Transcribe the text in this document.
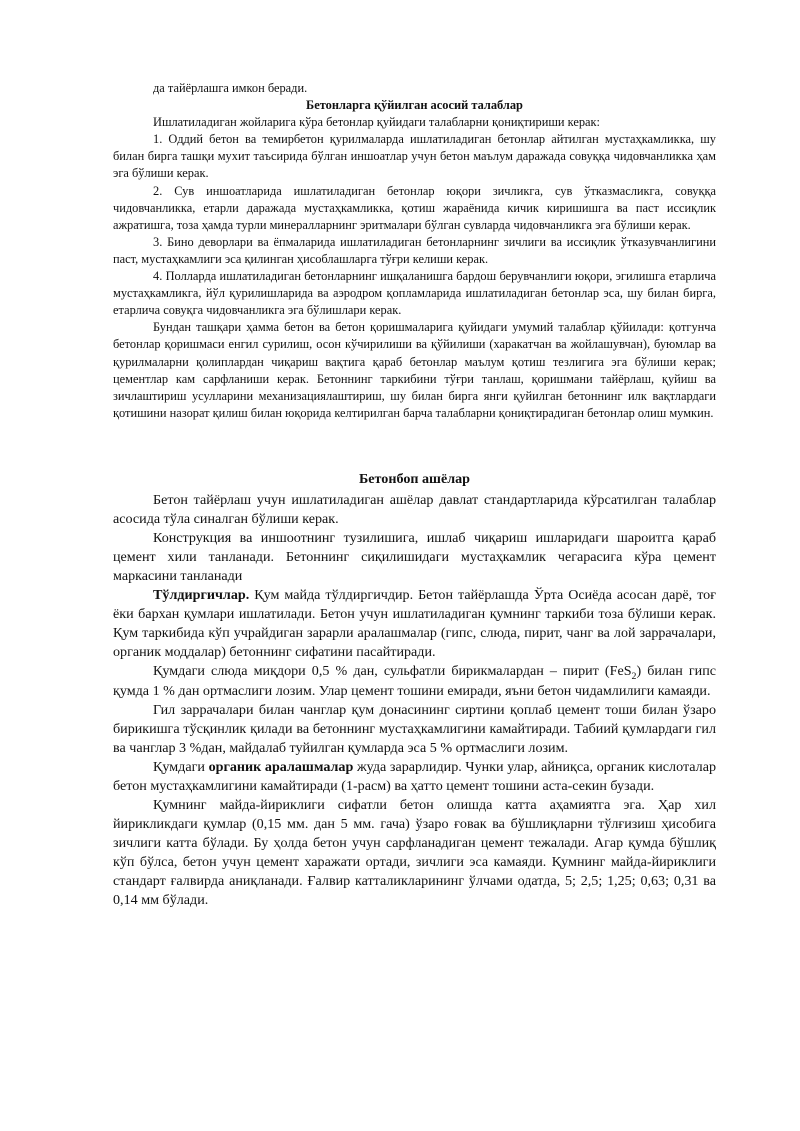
да тайёрлашга имкон беради.

Бетонларга қўйилган асосий талаблар

Ишлатиладиган жойларига кўра бетонлар қуйидаги талабларни қониқтириши керак:

1. Оддий бетон ва темирбетон қурилмаларда ишлатиладиган бетонлар айтилган мустаҳкамликка, шу билан бирга ташқи мухит таъсирида бўлган иншоатлар учун бетон маълум даражада совуққа чидовчанликка ҳам эга бўлиши керак.

2. Сув иншоатларида ишлатиладиган бетонлар юқори зичликга, сув ўтказмасликга, совуққа чидовчанликка, етарли даражада мустаҳкамликка, қотиш жараёнида кичик киришишга ва паст иссиқлик ажратишга, тоза ҳамда турли минералларнинг эритмалари бўлган сувларда чидовчанликга эга бўлиши керак.

3. Бино деворлари ва ёпмаларида ишлатиладиган бетонларнинг зичлиги ва иссиқлик ўтказувчанлигини паст, мустаҳкамлиги эса қилинган ҳисоблашларга тўғри келиши керак.

4. Полларда ишлатиладиган бетонларнинг ишқаланишга бардош берувчанлиги юқори, эгилишга етарлича мустаҳкамликга, йўл қурилишларида ва аэродром қопламларида ишлатиладиган бетонлар эса, шу билан бирга, етарлича совуқга чидовчанликга эга бўлишлари керак.

Бундан ташқари ҳамма бетон ва бетон қоришмаларига қуйидаги умумий талаблар қўйилади: қотгунча бетонлар қоришмаси енгил сурилиш, осон кўчирилиши ва қўйилиши (харакатчан ва жойлашувчан), буюмлар ва қурилмаларни қолиплардан чиқариш вақтига қараб бетонлар маълум қотиш тезлигига эга бўлиши керак; цементлар кам сарфланиши керак. Бетоннинг таркибини тўғри танлаш, қоришмани тайёрлаш, қуйиш ва зичлаштириш усулларини механизациялаштириш, шу билан бирга янги қуйилган бетоннинг илк вақтлардаги қотишини назорат қилиш билан юқорида келтирилган барча талабларни қониқтирадиган бетонлар олиш мумкин.

Бетонбоп ашёлар

Бетон тайёрлаш учун ишлатиладиган ашёлар давлат стандартларида кўрсатилган талаблар асосида тўла синалган бўлиши керак.

Конструкция ва иншоотнинг тузилишига, ишлаб чиқариш ишларидаги шароитга қараб цемент хили танланади. Бетоннинг сиқилишидаги мустаҳкамлик чегарасига кўра цемент маркасини танланади

Тўлдиргичлар. Қум майда тўлдиргичдир. Бетон тайёрлашда Ўрта Осиёда асосан дарё, тоғ ёки бархан қумлари ишлатилади. Бетон учун ишлатиладиган қумнинг таркиби тоза бўлиши керак. Қум таркибида кўп учрайдиган зарарли аралашмалар (гипс, слюда, пирит, чанг ва лой заррачалари, органик моддалар) бетоннинг сифатини пасайтиради.

Қумдаги слюда миқдори 0,5 % дан, сульфатли бирикмалардан – пирит (FeS$_2$) билан гипс қумда 1 % дан ортмаслиги лозим. Улар цемент тошини емиради, яъни бетон чидамлилиги камаяди.

Гил заррачалари билан чанглар қум донасининг сиртини қоплаб цемент тоши билан ўзаро бирикишга тўсқинлик қилади ва бетоннинг мустаҳкамлигини камайтиради. Табиий қумлардаги гил ва чанглар 3 %дан, майдалаб туйилган қумларда эса 5 % ортмаслиги лозим.

Қумдаги органик аралашмалар жуда зарарлидир. Чунки улар, айниқса, органик кислоталар бетон мустаҳкамлигини камайтиради (1-расм) ва ҳатто цемент тошини аста-секин бузади.

Қумнинг майда-йириклиги сифатли бетон олишда катта аҳамиятга эга. Ҳар хил йирикликдаги қумлар (0,15 мм. дан 5 мм. гача) ўзаро ғовак ва бўшлиқларни тўлғизиш ҳисобига зичлиги катта бўлади. Бу ҳолда бетон учун сарфланадиган цемент тежалади. Агар қумда бўшлиқ кўп бўлса, бетон учун цемент харажати ортади, зичлиги эса камаяди. Қумнинг майда-йириклиги стандарт ғалвирда аниқланади. Ғалвир катталикларининг ўлчами одатда, 5; 2,5; 1,25; 0,63; 0,31 ва 0,14 мм бўлади.
